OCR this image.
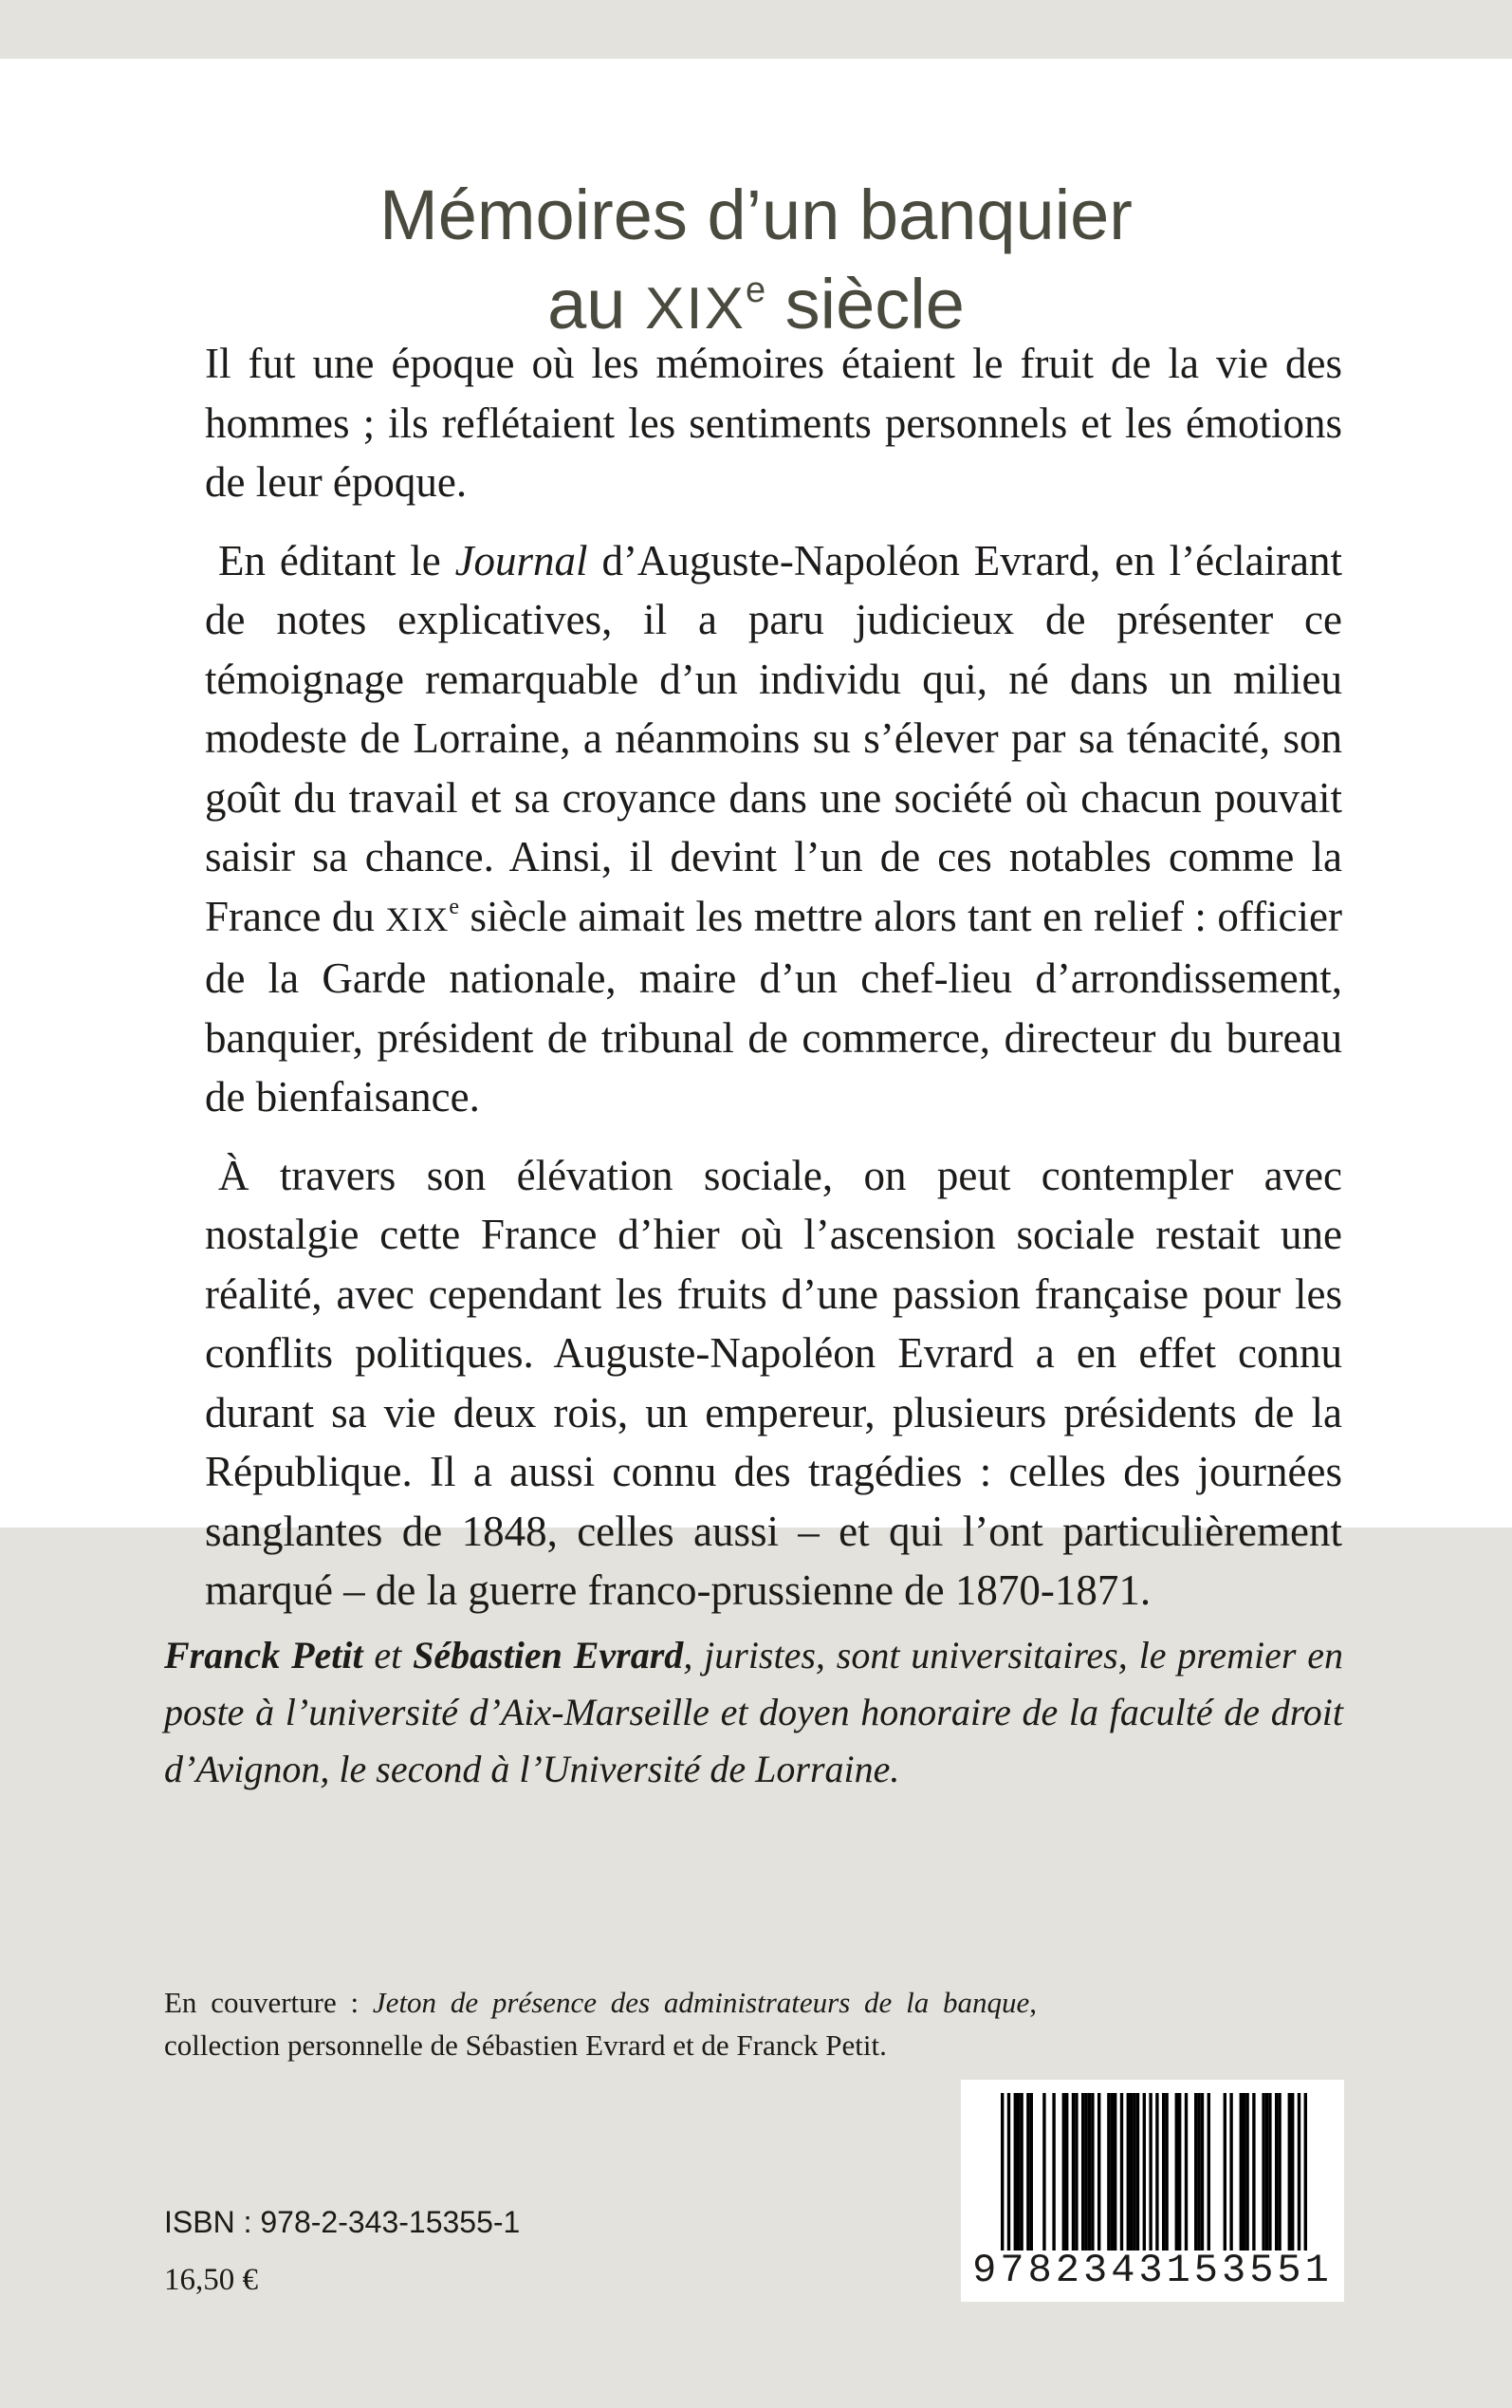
Mémoires d’un banquier
au XIXe siècle

Il fut une époque où les mémoires étaient le fruit de la vie des hommes ; ils reflétaient les sentiments personnels et les émotions de leur époque.

En éditant le Journal d’Auguste-Napoléon Evrard, en l’éclairant de notes explicatives, il a paru judicieux de présenter ce témoignage remarquable d’un individu qui, né dans un milieu modeste de Lorraine, a néanmoins su s’élever par sa ténacité, son goût du travail et sa croyance dans une société où chacun pouvait saisir sa chance. Ainsi, il devint l’un de ces notables comme la France du XIXe siècle aimait les mettre alors tant en relief : officier de la Garde nationale, maire d’un chef-lieu d’arrondissement, banquier, président de tribunal de commerce, directeur du bureau de bienfaisance.

À travers son élévation sociale, on peut contempler avec nostalgie cette France d’hier où l’ascension sociale restait une réalité, avec cependant les fruits d’une passion française pour les conflits politiques. Auguste-Napoléon Evrard a en effet connu durant sa vie deux rois, un empereur, plusieurs présidents de la République. Il a aussi connu des tragédies : celles des journées sanglantes de 1848, celles aussi – et qui l’ont particulièrement marqué – de la guerre franco-prussienne de 1870-1871.

Franck Petit et Sébastien Evrard, juristes, sont universitaires, le premier en poste à l’université d’Aix-Marseille et doyen honoraire de la faculté de droit d’Avignon, le second à l’Université de Lorraine.
En couverture : Jeton de présence des administrateurs de la banque, collection personnelle de Sébastien Evrard et de Franck Petit.
ISBN : 978-2-343-15355-1
16,50 €	9782343153551
